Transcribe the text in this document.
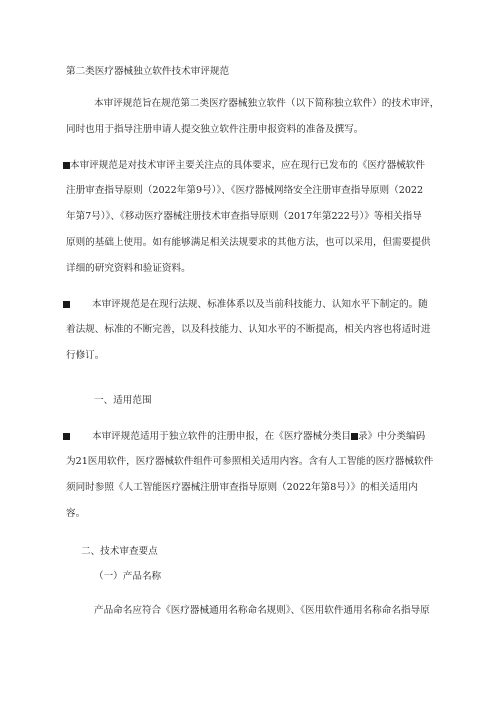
第二类医疗器械独立软件技术审评规范
本审评规范旨在规范第二类医疗器械独立软件（以下简称独立软件）的技术审评，
同时也用于指导注册申请人提交独立软件注册申报资料的准备及撰写。
本审评规范是对技术审评主要关注点的具体要求，应在现行已发布的《医疗器械软件
注册审查指导原则（2022年第9号）》、《医疗器械网络安全注册审查指导原则（2022
年第7号）》、《移动医疗器械注册技术审查指导原则（2017年第222号）》等相关指导
原则的基础上使用。如有能够满足相关法规要求的其他方法，也可以采用，但需要提供
详细的研究资料和验证资料。
本审评规范是在现行法规、标准体系以及当前科技能力、认知水平下制定的。随
着法规、标准的不断完善，以及科技能力、认知水平的不断提高，相关内容也将适时进
行修订。
一、适用范围
本审评规范适用于独立软件的注册申报，在《医疗器械分类目 录》中分类编码
为21医用软件，医疗器械软件组件可参照相关适用内容。含有人工智能的医疗器械软件
须同时参照《人工智能医疗器械注册审查指导原则（2022年第8号）》的相关适用内
容。
二、技术审查要点
（一）产品名称
产品命名应符合《医疗器械通用名称命名规则》、《医用软件通用名称命名指导原
